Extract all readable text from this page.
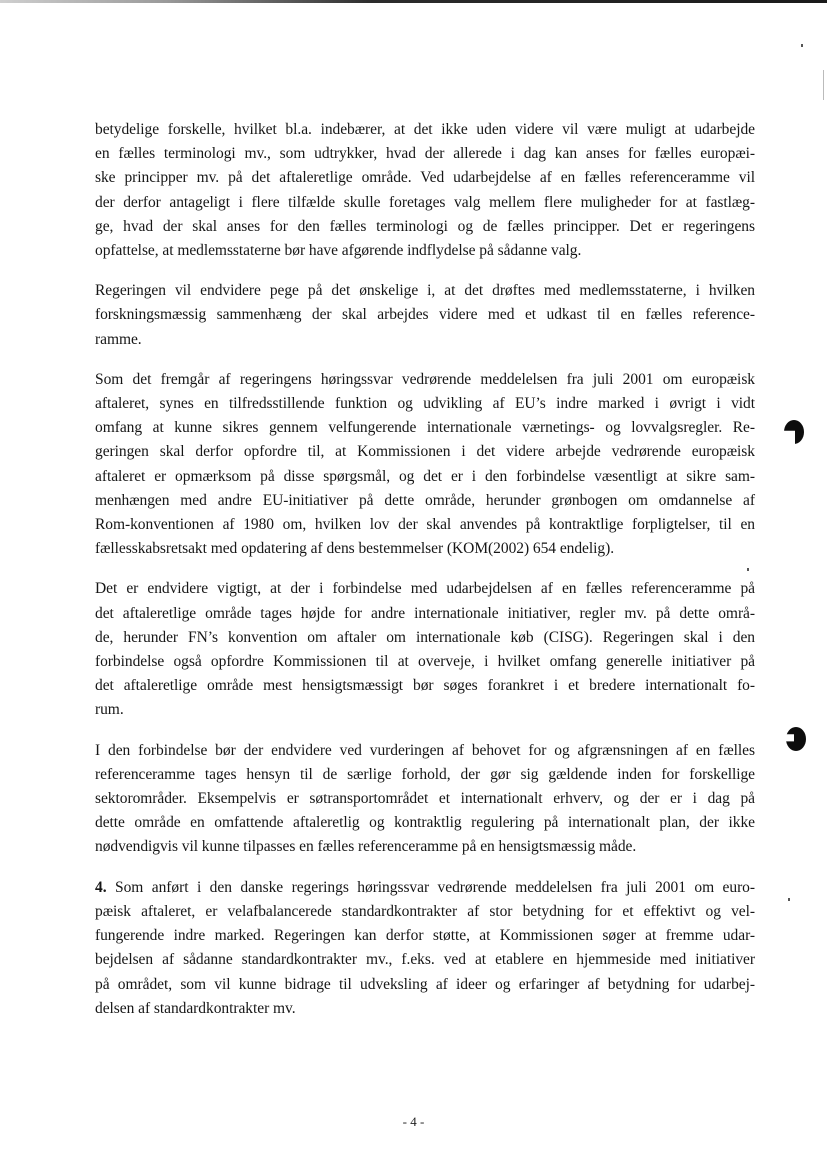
betydelige forskelle, hvilket bl.a. indebærer, at det ikke uden videre vil være muligt at udarbejde
en fælles terminologi mv., som udtrykker, hvad der allerede i dag kan anses for fælles europæi-
ske principper mv. på det aftaleretlige område. Ved udarbejdelse af en fælles referenceramme vil
der derfor antageligt i flere tilfælde skulle foretages valg mellem flere muligheder for at fastlæg-
ge, hvad der skal anses for den fælles terminologi og de fælles principper. Det er regeringens
opfattelse, at medlemsstaterne bør have afgørende indflydelse på sådanne valg.
Regeringen vil endvidere pege på det ønskelige i, at det drøftes med medlemsstaterne, i hvilken
forskningsmæssig sammenhæng der skal arbejdes videre med et udkast til en fælles reference-
ramme.
Som det fremgår af regeringens høringssvar vedrørende meddelelsen fra juli 2001 om europæisk
aftaleret, synes en tilfredsstillende funktion og udvikling af EU’s indre marked i øvrigt i vidt
omfang at kunne sikres gennem velfungerende internationale værnetings- og lovvalgsregler. Re-
geringen skal derfor opfordre til, at Kommissionen i det videre arbejde vedrørende europæisk
aftaleret er opmærksom på disse spørgsmål, og det er i den forbindelse væsentligt at sikre sam-
menhængen med andre EU-initiativer på dette område, herunder grønbogen om omdannelse af
Rom-konventionen af 1980 om, hvilken lov der skal anvendes på kontraktlige forpligtelser, til en
fællesskabsretsakt med opdatering af dens bestemmelser (KOM(2002) 654 endelig).
Det er endvidere vigtigt, at der i forbindelse med udarbejdelsen af en fælles referenceramme på
det aftaleretlige område tages højde for andre internationale initiativer, regler mv. på dette områ-
de, herunder FN’s konvention om aftaler om internationale køb (CISG). Regeringen skal i den
forbindelse også opfordre Kommissionen til at overveje, i hvilket omfang generelle initiativer på
det aftaleretlige område mest hensigtsmæssigt bør søges forankret i et bredere internationalt fo-
rum.
I den forbindelse bør der endvidere ved vurderingen af behovet for og afgrænsningen af en fælles
referenceramme tages hensyn til de særlige forhold, der gør sig gældende inden for forskellige
sektorområder. Eksempelvis er søtransportområdet et internationalt erhverv, og der er i dag på
dette område en omfattende aftaleretlig og kontraktlig regulering på internationalt plan, der ikke
nødvendigvis vil kunne tilpasses en fælles referenceramme på en hensigtsmæssig måde.
4. Som anført i den danske regerings høringssvar vedrørende meddelelsen fra juli 2001 om euro-
pæisk aftaleret, er velafbalancerede standardkontrakter af stor betydning for et effektivt og vel-
fungerende indre marked. Regeringen kan derfor støtte, at Kommissionen søger at fremme udar-
bejdelsen af sådanne standardkontrakter mv., f.eks. ved at etablere en hjemmeside med initiativer
på området, som vil kunne bidrage til udveksling af ideer og erfaringer af betydning for udarbej-
delsen af standardkontrakter mv.
- 4 -
